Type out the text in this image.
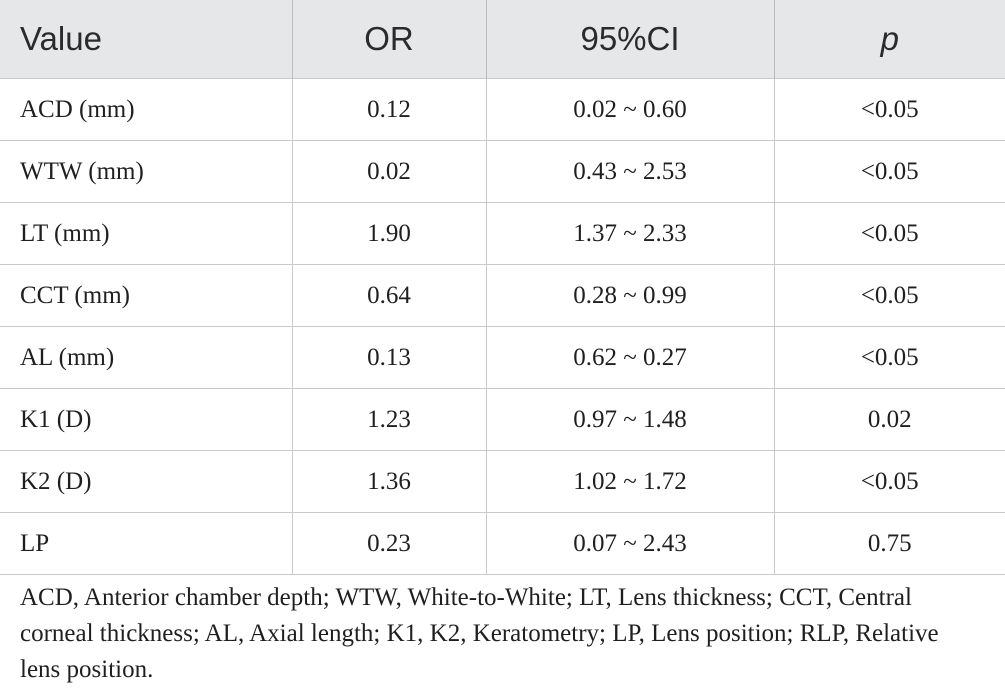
Value	OR	95%CI	p
ACD (mm)	0.12	0.02 ~ 0.60	<0.05
WTW (mm)	0.02	0.43 ~ 2.53	<0.05
LT (mm)	1.90	1.37 ~ 2.33	<0.05
CCT (mm)	0.64	0.28 ~ 0.99	<0.05
AL (mm)	0.13	0.62 ~ 0.27	<0.05
K1 (D)	1.23	0.97 ~ 1.48	0.02
K2 (D)	1.36	1.02 ~ 1.72	<0.05
LP	0.23	0.07 ~ 2.43	0.75

ACD, Anterior chamber depth; WTW, White-to-White; LT, Lens thickness; CCT, Central corneal thickness; AL, Axial length; K1, K2, Keratometry; LP, Lens position; RLP, Relative lens position.
